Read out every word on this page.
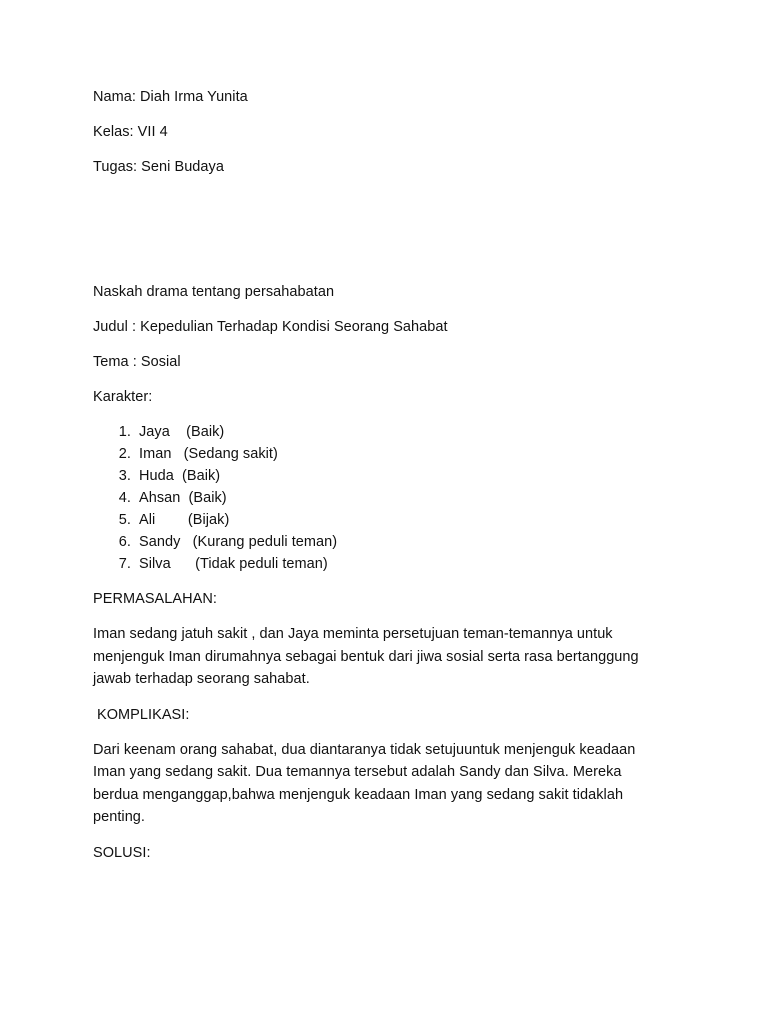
Nama: Diah Irma Yunita

Kelas: VII 4

Tugas: Seni Budaya

Naskah drama tentang persahabatan

Judul : Kepedulian Terhadap Kondisi Seorang Sahabat

Tema : Sosial

Karakter:

1. Jaya    (Baik)
2. Iman   (Sedang sakit)
3. Huda  (Baik)
4. Ahsan  (Baik)
5. Ali        (Bijak)
6. Sandy   (Kurang peduli teman)
7. Silva      (Tidak peduli teman)

PERMASALAHAN:

Iman sedang jatuh sakit , dan Jaya meminta persetujuan teman-temannya untuk
menjenguk Iman dirumahnya sebagai bentuk dari jiwa sosial serta rasa bertanggung
jawab terhadap seorang sahabat.

KOMPLIKASI:

Dari keenam orang sahabat, dua diantaranya tidak setujuuntuk menjenguk keadaan
Iman yang sedang sakit. Dua temannya tersebut adalah Sandy dan Silva. Mereka
berdua menganggap,bahwa menjenguk keadaan Iman yang sedang sakit tidaklah
penting.

SOLUSI:
